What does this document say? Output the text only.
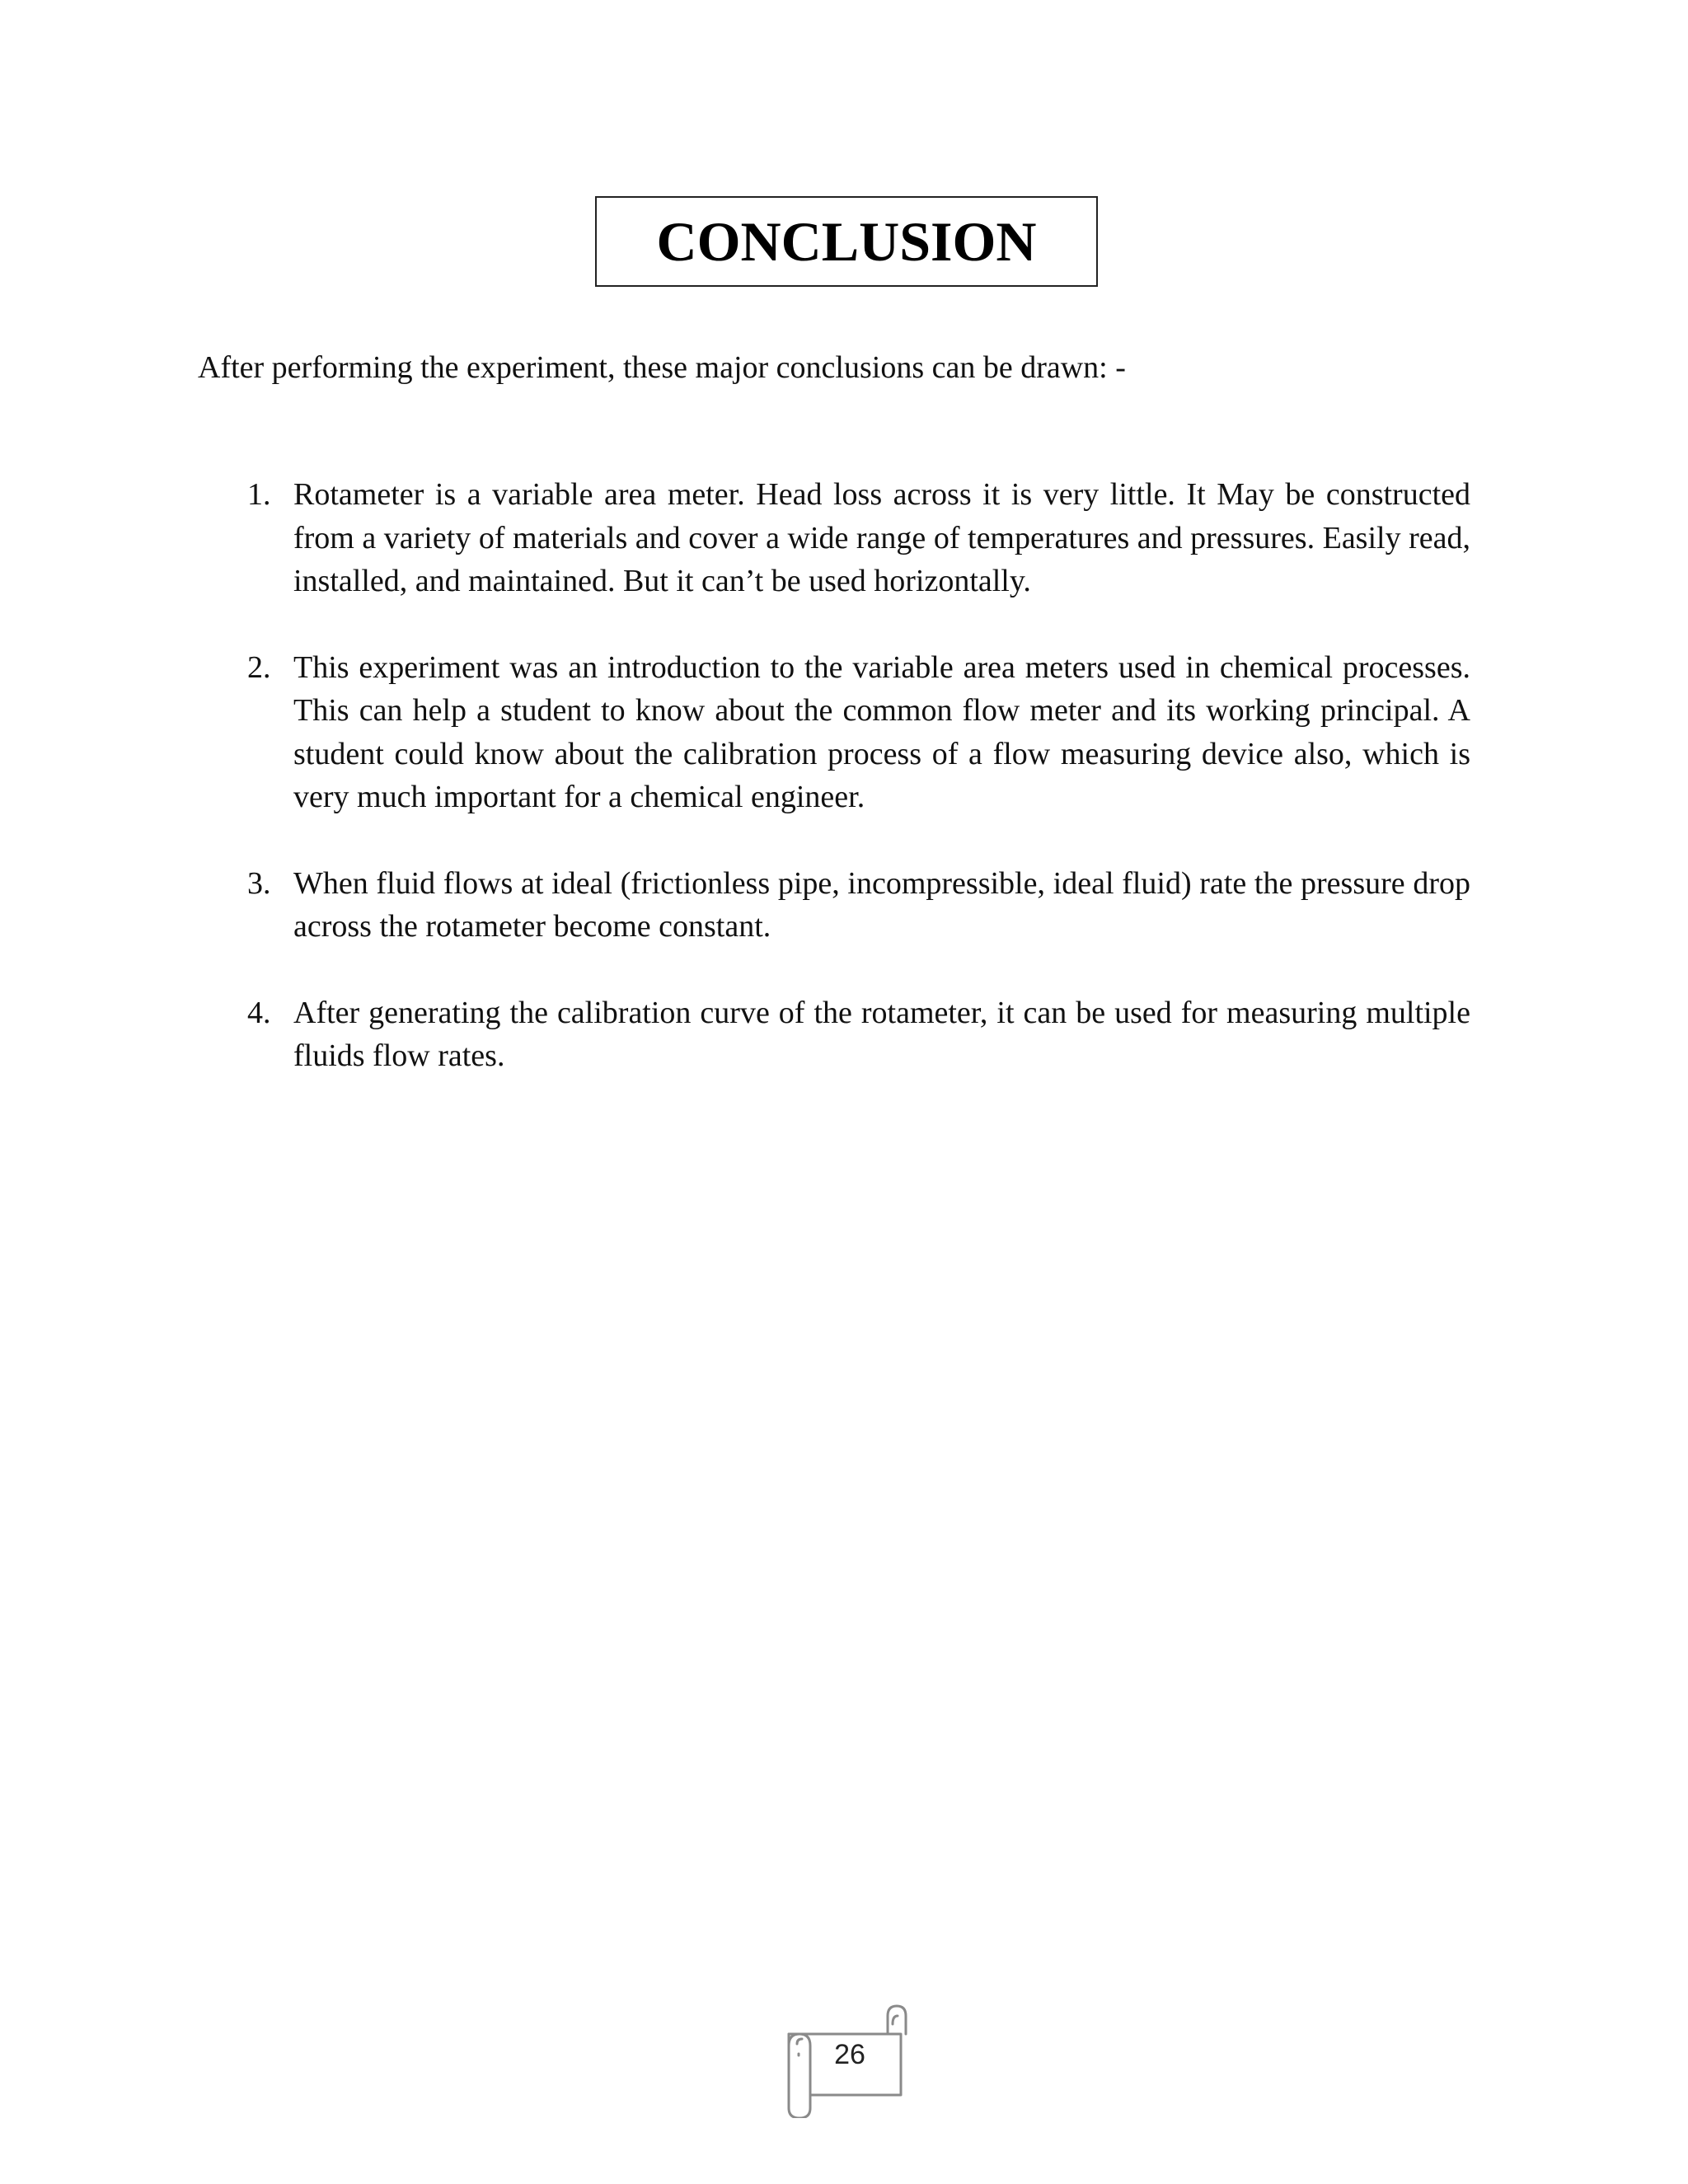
CONCLUSION
After performing the experiment, these major conclusions can be drawn: -
1. Rotameter is a variable area meter. Head loss across it is very little. It May be constructed from a variety of materials and cover a wide range of temperatures and pressures. Easily read, installed, and maintained. But it can’t be used horizontally.
2. This experiment was an introduction to the variable area meters used in chemical processes. This can help a student to know about the common flow meter and its working principal. A student could know about the calibration process of a flow measuring device also, which is very much important for a chemical engineer.
3. When fluid flows at ideal (frictionless pipe, incompressible, ideal fluid) rate the pressure drop across the rotameter become constant.
4. After generating the calibration curve of the rotameter, it can be used for measuring multiple fluids flow rates.
26
